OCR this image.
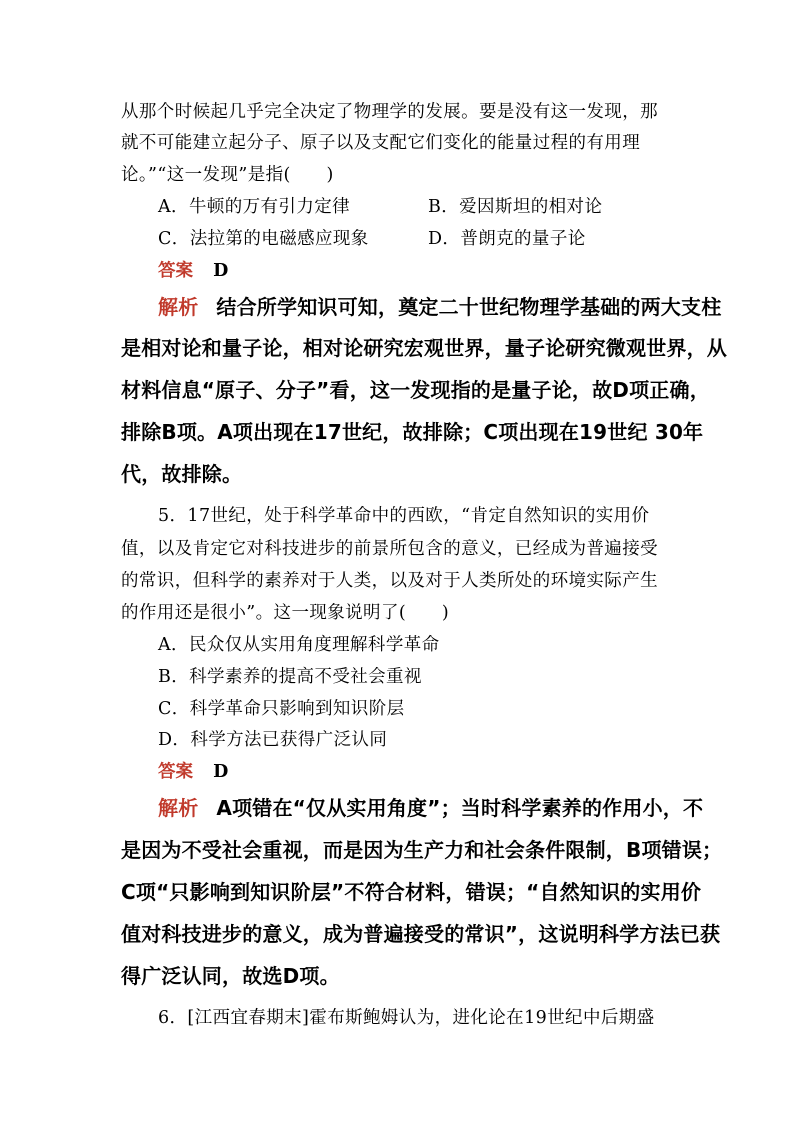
从那个时候起几乎完全决定了物理学的发展。要是没有这一发现，那
就不可能建立起分子、原子以及支配它们变化的能量过程的有用理
论。”“这一发现”是指(　　)
A．牛顿的万有引力定律	B．爱因斯坦的相对论
C．法拉第的电磁感应现象	D．普朗克的量子论
答案 D
解析 结合所学知识可知，奠定二十世纪物理学基础的两大支柱
是相对论和量子论，相对论研究宏观世界，量子论研究微观世界，从
材料信息“原子、分子”看，这一发现指的是量子论，故D项正确，
排除B项。A项出现在17世纪，故排除；C项出现在19世纪 30年
代，故排除。
5．17世纪，处于科学革命中的西欧，“肯定自然知识的实用价
值，以及肯定它对科技进步的前景所包含的意义，已经成为普遍接受
的常识，但科学的素养对于人类，以及对于人类所处的环境实际产生
的作用还是很小”。这一现象说明了(　　)
A．民众仅从实用角度理解科学革命
B．科学素养的提高不受社会重视
C．科学革命只影响到知识阶层
D．科学方法已获得广泛认同
答案 D
解析 A项错在“仅从实用角度”；当时科学素养的作用小，不
是因为不受社会重视，而是因为生产力和社会条件限制，B项错误；
C项“只影响到知识阶层”不符合材料，错误；“自然知识的实用价
值对科技进步的意义，成为普遍接受的常识”，这说明科学方法已获
得广泛认同，故选D项。
6．[江西宜春期末]霍布斯鲍姆认为，进化论在19世纪中后期盛
